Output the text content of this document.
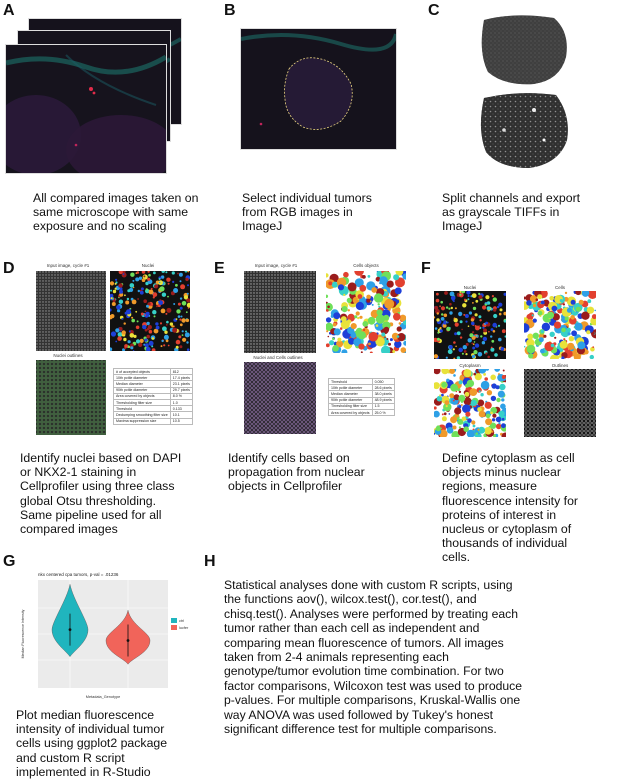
A	B	C
D	E	F
G	H
All compared images taken on
same microscope with same
exposure and no scaling
Select individual tumors
from RGB images in
ImageJ
Split channels and export
as grayscale TIFFs in
ImageJ
Input image, cycle #1	Nuclei
Nuclei outlines
# of accepted objects	812
10th pctile diameter	17.4 pixels
Median diameter	23.1 pixels
90th pctile diameter	29.7 pixels
Area covered by objects	8.0 %
Thresholding filter size	1.0
Threshold	0.133
Declumping smoothing filter size	10.1
Maxima suppression size	10.5
Input image, cycle #1	Cells objects
Nuclei and Cells outlines
Threshold	0.050
10th pctile diameter	28.6 pixels
Median diameter	38.0 pixels
90th pctile diameter	48.9 pixels
Thresholding filter size	1.5
Area covered by objects	25.0 %
Nuclei	Cells
Cytoplasm	Outlines
Identify nuclei based on DAPI
or NKX2-1 staining in
Cellprofiler using three class
global Otsu thresholding.
Same pipeline used for all
compared images
Identify cells based on
propagation from nuclear
objects in Cellprofiler
Define cytoplasm as cell
objects minus nuclear
regions, measure
fluorescence intensity for
proteins of interest in
nucleus or cytoplasm of
thousands of individual
cells.
nkx centered cpa tumors, p-val = .01236
Median Fluorescence Intensity
Metadata_Genotype
ctrl
lucfer
Plot median fluorescence
intensity of individual tumor
cells using ggplot2 package
and custom R script
implemented in R-Studio
Statistical analyses done with custom R scripts, using
the functions aov(), wilcox.test(), cor.test(), and
chisq.test(). Analyses were performed by treating each
tumor rather than each cell as independent and
comparing mean fluorescence of tumors. All images
taken from 2-4 animals representing each
genotype/tumor evolution time combination. For two
factor comparisons, Wilcoxon test was used to produce
p-values. For multiple comparisons, Kruskal-Wallis one
way ANOVA was used followed by Tukey's honest
significant difference test for multiple comparisons.
